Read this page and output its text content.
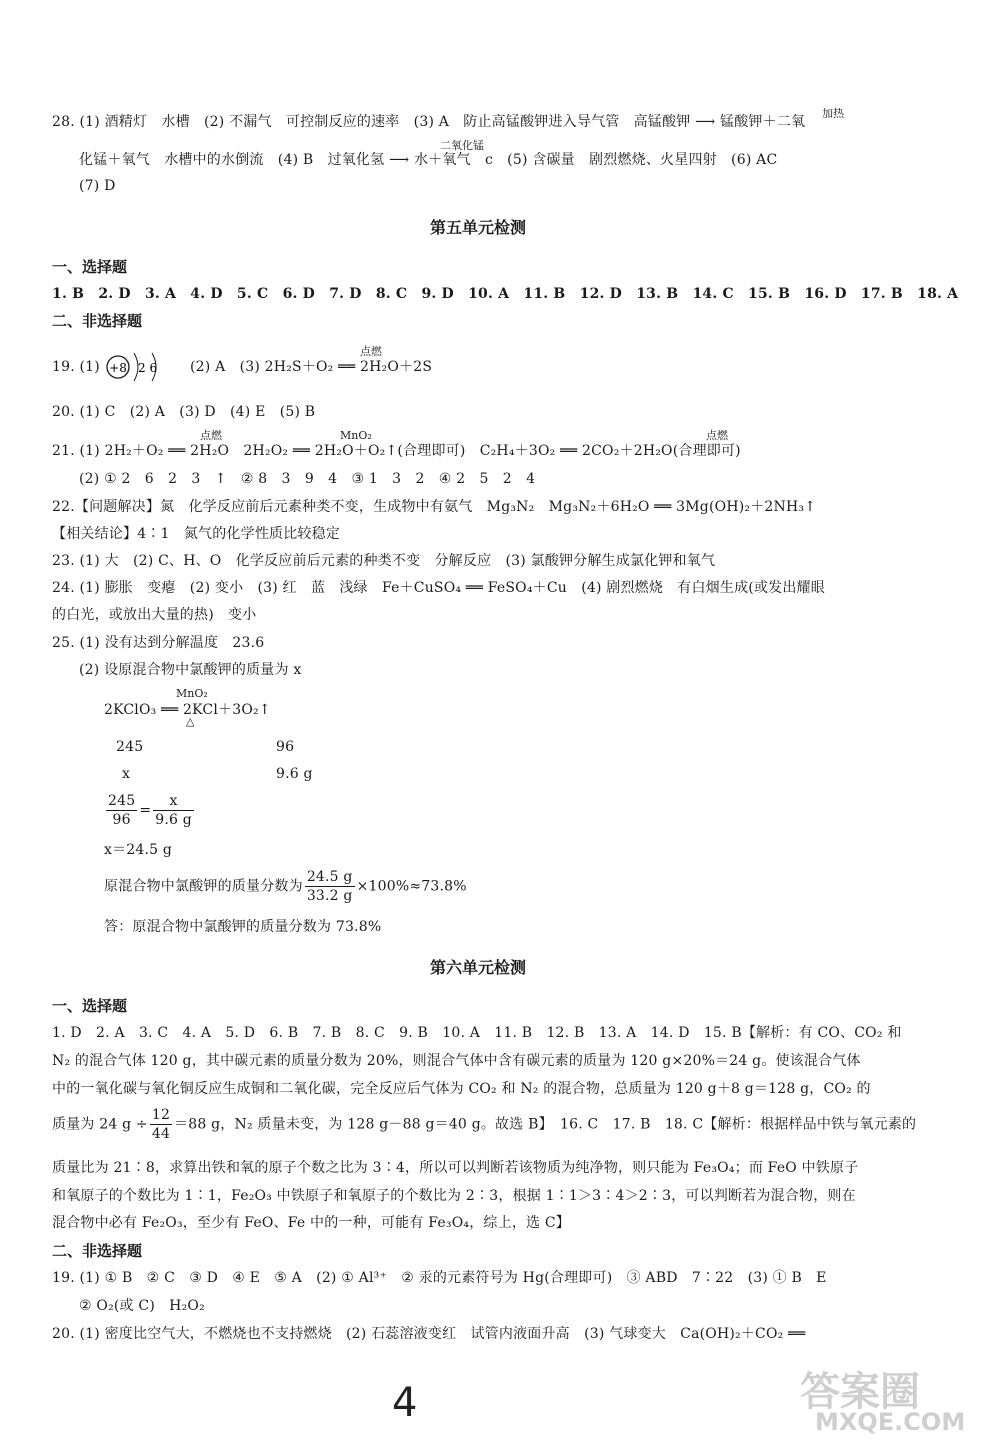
加热
28. (1) 酒精灯　水槽　(2) 不漏气　可控制反应的速率　(3) A　防止高锰酸钾进入导气管　高锰酸钾 ⟶ 锰酸钾＋二氧
二氧化锰
化锰＋氧气　水槽中的水倒流　(4) B　过氧化氢 ⟶ 水＋氧气　c　(5) 含碳量　剧烈燃烧、火星四射　(6) AC
(7) D
第五单元检测
一、选择题
1. B　2. D　3. A　4. D　5. C　6. D　7. D　8. C　9. D　10. A　11. B　12. D　13. B　14. C　15. B　16. D　17. B　18. A
二、非选择题
19. (1) +8 2 6
点燃
(2) A　(3) 2H₂S＋O₂ ══ 2H₂O＋2S
20. (1) C　(2) A　(3) D　(4) E　(5) B
点燃	MnO₂	点燃
21. (1) 2H₂＋O₂ ══ 2H₂O　2H₂O₂ ══ 2H₂O＋O₂↑(合理即可)　C₂H₄＋3O₂ ══ 2CO₂＋2H₂O(合理即可)
(2) ① 2　6　2　3　↑　② 8　3　9　4　③ 1　3　2　④ 2　5　2　4
22.【问题解决】氮　化学反应前后元素种类不变，生成物中有氨气　Mg₃N₂　Mg₃N₂＋6H₂O ══ 3Mg(OH)₂＋2NH₃↑
【相关结论】4∶1　氮气的化学性质比较稳定
23. (1) 大　(2) C、H、O　化学反应前后元素的种类不变　分解反应　(3) 氯酸钾分解生成氯化钾和氧气
24. (1) 膨胀　变瘪　(2) 变小　(3) 红　蓝　浅绿　Fe＋CuSO₄ ══ FeSO₄＋Cu　(4) 剧烈燃烧　有白烟生成(或发出耀眼
的白光，或放出大量的热)　变小
25. (1) 没有达到分解温度　23.6
(2) 设原混合物中氯酸钾的质量为 x
MnO₂
2KClO₃ ══ 2KCl＋3O₂↑
△
245	96
x	9.6 g
$\frac{245}{96} = \frac{x}{9.6 g}$
x＝24.5 g
原混合物中氯酸钾的质量分数为 $\frac{24.5 g}{33.2 g} \times 100\%\approx 73.8\%$
答：原混合物中氯酸钾的质量分数为 73.8%
第六单元检测
一、选择题
1. D　2. A　3. C　4. A　5. D　6. B　7. B　8. C　9. B　10. A　11. B　12. B　13. A　14. D　15. B【解析：有 CO、CO₂ 和
N₂ 的混合气体 120 g，其中碳元素的质量分数为 20%，则混合气体中含有碳元素的质量为 120 g×20%＝24 g。使该混合气体
中的一氧化碳与氧化铜反应生成铜和二氧化碳，完全反应后气体为 CO₂ 和 N₂ 的混合物，总质量为 120 g＋8 g＝128 g，CO₂ 的
质量为 24 $g \div \frac{12}{44} =88$ g，N₂ 质量未变，为 128 g－88 g＝40 g。故选 B】　16. C　17. B　18. C【解析：根据样品中铁与氧元素的
质量比为 21∶8，求算出铁和氧的原子个数之比为 3∶4，所以可以判断若该物质为纯净物，则只能为 Fe₃O₄；而 FeO 中铁原子
和氧原子的个数比为 1∶1，Fe₂O₃ 中铁原子和氧原子的个数比为 2∶3，根据 1∶1＞3∶4＞2∶3，可以判断若为混合物，则在
混合物中必有 Fe₂O₃，至少有 FeO、Fe 中的一种，可能有 Fe₃O₄，综上，选 C】
二、非选择题
19. (1) ① B　② C　③ D　④ E　⑤ A　(2) ① Al³⁺　② 汞的元素符号为 Hg(合理即可)　③ ABD　7∶22　(3) ① B　E
② O₂(或 C)　H₂O₂
20. (1) 密度比空气大，不燃烧也不支持燃烧　(2) 石蕊溶液变红　试管内液面升高　(3) 气球变大　Ca(OH)₂＋CO₂ ══
4	答案圈
MXQE.COM
